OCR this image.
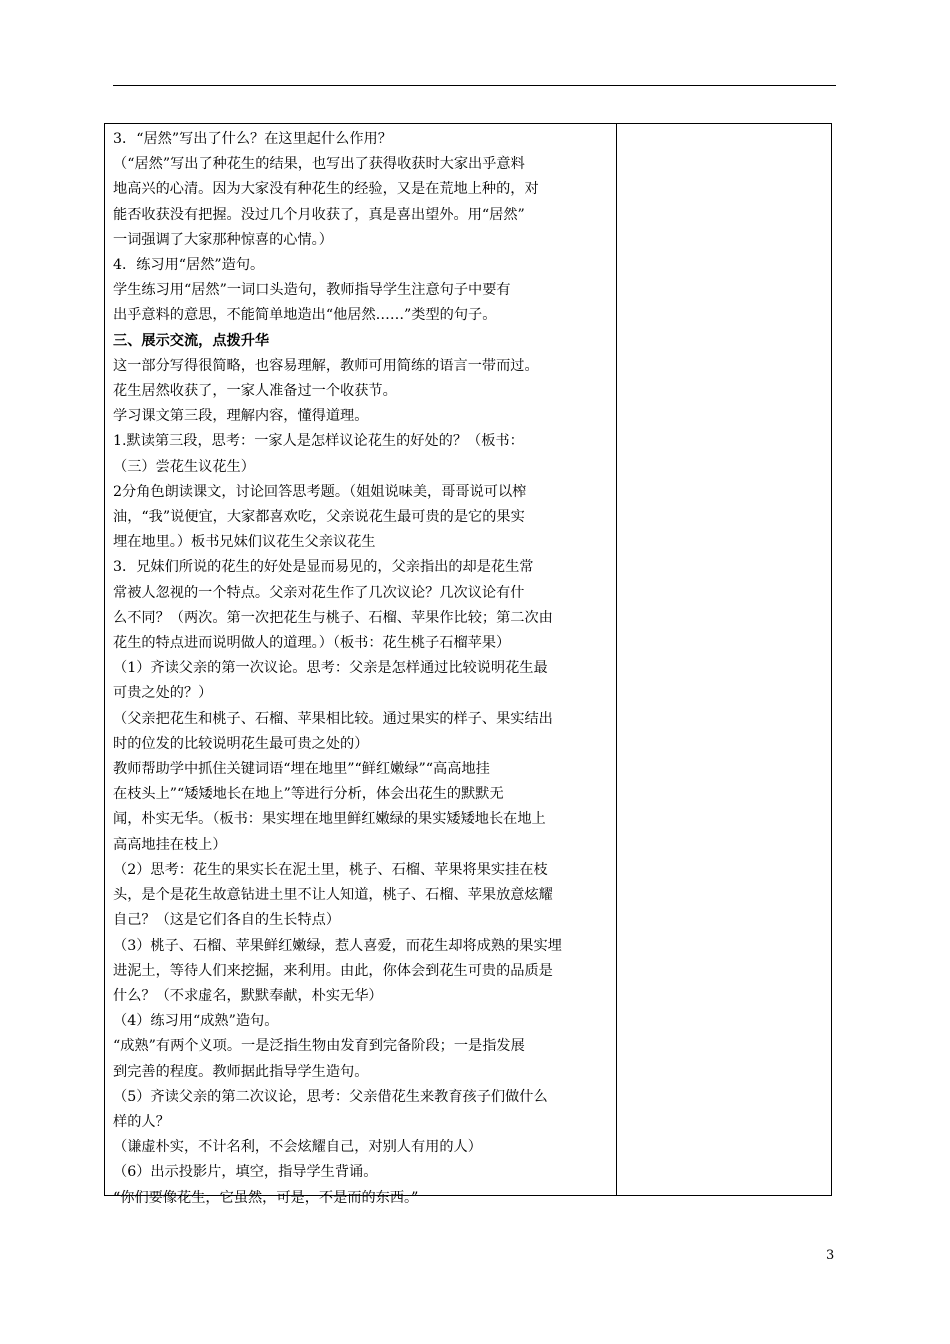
3．“居然”写出了什么？在这里起什么作用？

（“居然”写出了种花生的结果，也写出了获得收获时大家出乎意料

地高兴的心清。因为大家没有种花生的经验，又是在荒地上种的，对

能否收获没有把握。没过几个月收获了，真是喜出望外。用“居然”

一词强调了大家那种惊喜的心情。）

4．练习用“居然”造句。

学生练习用“居然”一词口头造句，教师指导学生注意句子中要有

出乎意料的意思，不能简单地造出“他居然……”类型的句子。

三、展示交流，点拨升华

这一部分写得很简略，也容易理解，教师可用简练的语言一带而过。

花生居然收获了，一家人准备过一个收获节。

学习课文第三段，理解内容，懂得道理。

1.默读第三段，思考：一家人是怎样议论花生的好处的？（板书：

（三）尝花生议花生）

2分角色朗读课文，讨论回答思考题。（姐姐说味美，哥哥说可以榨

油，“我”说便宜，大家都喜欢吃，父亲说花生最可贵的是它的果实

埋在地里。）板书兄妹们议花生父亲议花生

3．兄妹们所说的花生的好处是显而易见的，父亲指出的却是花生常

常被人忽视的一个特点。父亲对花生作了几次议论？几次议论有什

么不同？（两次。第一次把花生与桃子、石榴、苹果作比较；第二次由

花生的特点进而说明做人的道理。）（板书：花生桃子石榴苹果）

（1）齐读父亲的第一次议论。思考：父亲是怎样通过比较说明花生最

可贵之处的？）

（父亲把花生和桃子、石榴、苹果相比较。通过果实的样子、果实结出

时的位发的比较说明花生最可贵之处的）

教师帮助学中抓住关键词语“埋在地里”“鲜红嫩绿”“高高地挂

在枝头上”“矮矮地长在地上”等进行分析，体会出花生的默默无

闻，朴实无华。（板书：果实埋在地里鲜红嫩绿的果实矮矮地长在地上

高高地挂在枝上）

（2）思考：花生的果实长在泥土里，桃子、石榴、苹果将果实挂在枝

头，是个是花生故意钻进土里不让人知道，桃子、石榴、苹果放意炫耀

自己？（这是它们各自的生长特点）

（3）桃子、石榴、苹果鲜红嫩绿，惹人喜爱，而花生却将成熟的果实埋

进泥土，等待人们来挖掘，来利用。由此，你体会到花生可贵的品质是

什么？（不求虚名，默默奉献，朴实无华）

（4）练习用“成熟”造句。

“成熟”有两个义项。一是泛指生物由发育到完备阶段；一是指发展

到完善的程度。教师据此指导学生造句。

（5）齐读父亲的第二次议论，思考：父亲借花生来教育孩子们做什么

样的人？

（谦虚朴实，不计名利，不会炫耀自己，对别人有用的人）

（6）出示投影片，填空，指导学生背诵。

“你们要像花生，它虽然，可是，不是而的东西。”

3
